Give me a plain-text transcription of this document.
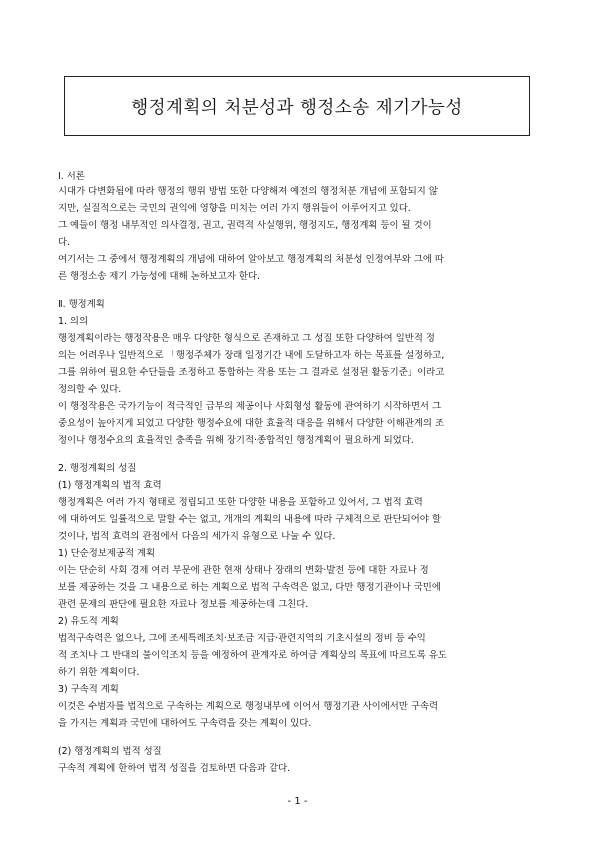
행정계획의 처분성과 행정소송 제기가능성
Ⅰ. 서론
시대가 다변화됨에 따라 행정의 행위 방법 또한 다양해져 예전의 행정처분 개념에 포함되지 않
지만, 실질적으로는 국민의 권익에 영향을 미치는 여러 가지 행위들이 이루어지고 있다.
그 예들이 행정 내부적인 의사결정, 권고, 권력적 사실행위, 행정지도, 행정계획 등이 될 것이
다.
여기서는 그 중에서 행정계획의 개념에 대하여 알아보고 행정계획의 처분성 인정여부와 그에 따
른 행정소송 제기 가능성에 대해 논하보고자 한다.
Ⅱ. 행정계획
1. 의의
행정계획이라는 행정작용은 매우 다양한 형식으로 존재하고 그 성질 또한 다양하여 일반적 정
의는 어려우나 일반적으로 「행정주체가 장래 일정기간 내에 도달하고자 하는 목표를 설정하고,
그를 위하여 필요한 수단들을 조정하고 통합하는 작용 또는 그 결과로 설정된 활동기준」이라고
정의할 수 있다.
이 행정작용은 국가기능이 적극적인 급부의 제공이나 사회형성 활동에 관여하기 시작하면서 그
중요성이 높아지게 되었고 다양한 행정수요에 대한 효율적 대응을 위해서 다양한 이해관계의 조
정이나 행정수요의 효율적인 충족을 위해 장기적·종합적인 행정계획이 필요하게 되었다.
2. 행정계획의 성질
(1) 행정계획의 법적 효력
행정계획은 여러 가지 형태로 정립되고 또한 다양한 내용을 포함하고 있어서, 그 법적 효력
에 대하여도 일률적으로 말할 수는 없고, 개개의 계획의 내용에 따라 구체적으로 판단되어야 할
것이나, 법적 효력의 관점에서 다음의 세가지 유형으로 나눌 수 있다.
1) 단순정보제공적 계획
이는 단순히 사회 경제 여러 부문에 관한 현재 상태나 장래의 변화·발전 등에 대한 자료나 정
보를 제공하는 것을 그 내용으로 하는 계획으로 법적 구속력은 없고, 다만 행정기관이나 국민에
관련 문제의 판단에 필요한 자료나 정보를 제공하는데 그친다.
2) 유도적 계획
법적구속력은 없으나, 그에 조세특례조치·보조금 지급·관련지역의 기초시설의 정비 등 수익
적 조치나 그 반대의 불이익조치 등을 예정하여 관계자로 하여금 계획상의 목표에 따르도록 유도
하기 위한 계획이다.
3) 구속적 계획
이것은 수범자를 법적으로 구속하는 계획으로 행정내부에 이어서 행정기관 사이에서만 구속력
을 가지는 계획과 국민에 대하여도 구속력을 갖는 계획이 있다.
(2) 행정계획의 법적 성질
구속적 계획에 한하여 법적 성질을 검토하면 다음과 같다.
- 1 -
